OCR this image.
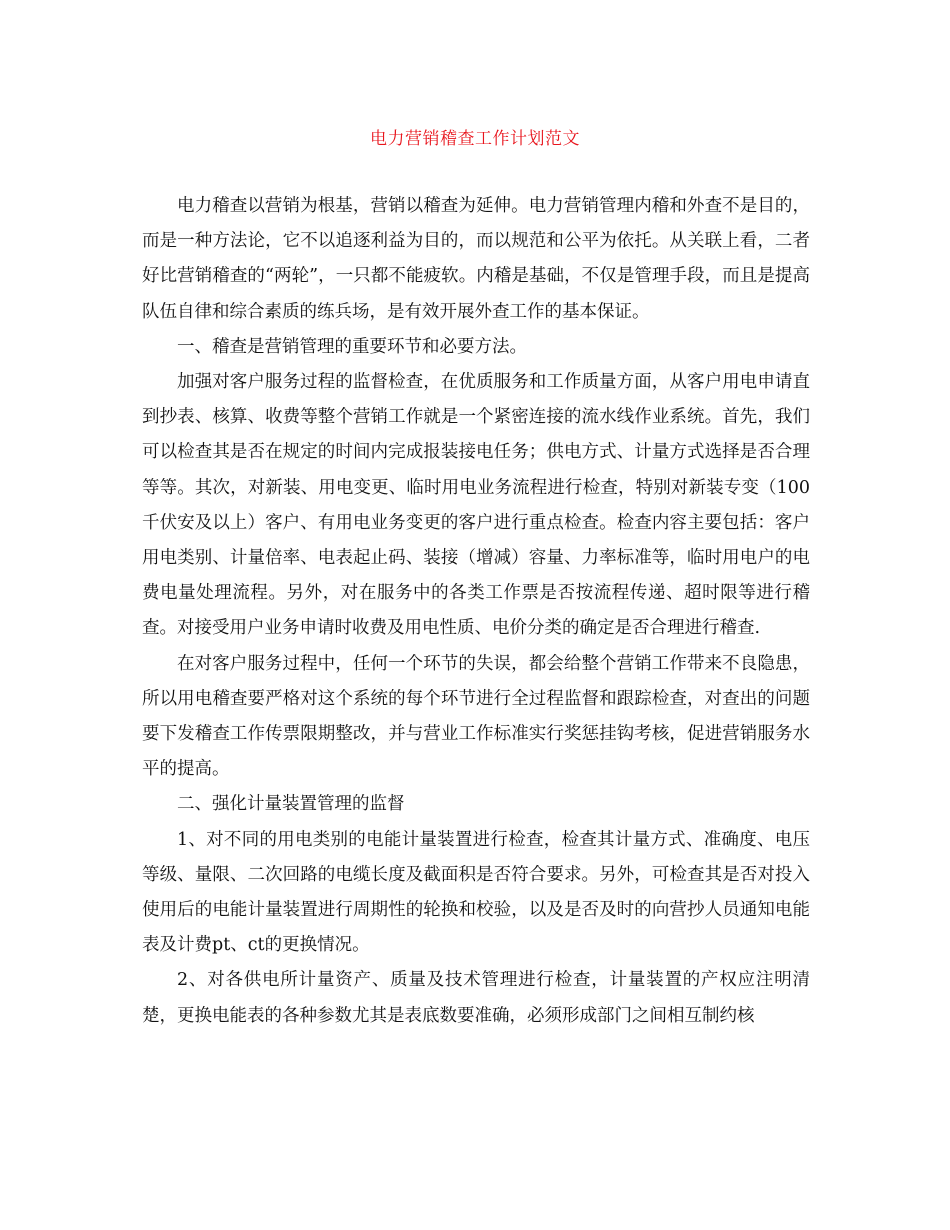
电力营销稽查工作计划范文

电力稽查以营销为根基，营销以稽查为延伸。电力营销管理内稽和外查不是目的，而是一种方法论，它不以追逐利益为目的，而以规范和公平为依托。从关联上看，二者好比营销稽查的“两轮”，一只都不能疲软。内稽是基础，不仅是管理手段，而且是提高队伍自律和综合素质的练兵场，是有效开展外查工作的基本保证。

一、稽查是营销管理的重要环节和必要方法。

加强对客户服务过程的监督检查，在优质服务和工作质量方面，从客户用电申请直到抄表、核算、收费等整个营销工作就是一个紧密连接的流水线作业系统。首先，我们可以检查其是否在规定的时间内完成报装接电任务；供电方式、计量方式选择是否合理等等。其次，对新装、用电变更、临时用电业务流程进行检查，特别对新装专变（100千伏安及以上）客户、有用电业务变更的客户进行重点检查。检查内容主要包括：客户用电类别、计量倍率、电表起止码、装接（增减）容量、力率标准等，临时用电户的电费电量处理流程。另外，对在服务中的各类工作票是否按流程传递、超时限等进行稽查。对接受用户业务申请时收费及用电性质、电价分类的确定是否合理进行稽查.

在对客户服务过程中，任何一个环节的失误，都会给整个营销工作带来不良隐患，所以用电稽查要严格对这个系统的每个环节进行全过程监督和跟踪检查，对查出的问题要下发稽查工作传票限期整改，并与营业工作标准实行奖惩挂钩考核，促进营销服务水平的提高。

二、强化计量装置管理的监督

1、对不同的用电类别的电能计量装置进行检查，检查其计量方式、准确度、电压等级、量限、二次回路的电缆长度及截面积是否符合要求。另外，可检查其是否对投入使用后的电能计量装置进行周期性的轮换和校验，以及是否及时的向营抄人员通知电能表及计费pt、ct的更换情况。

2、对各供电所计量资产、质量及技术管理进行检查，计量装置的产权应注明清楚，更换电能表的各种参数尤其是表底数要准确，必须形成部门之间相互制约核
